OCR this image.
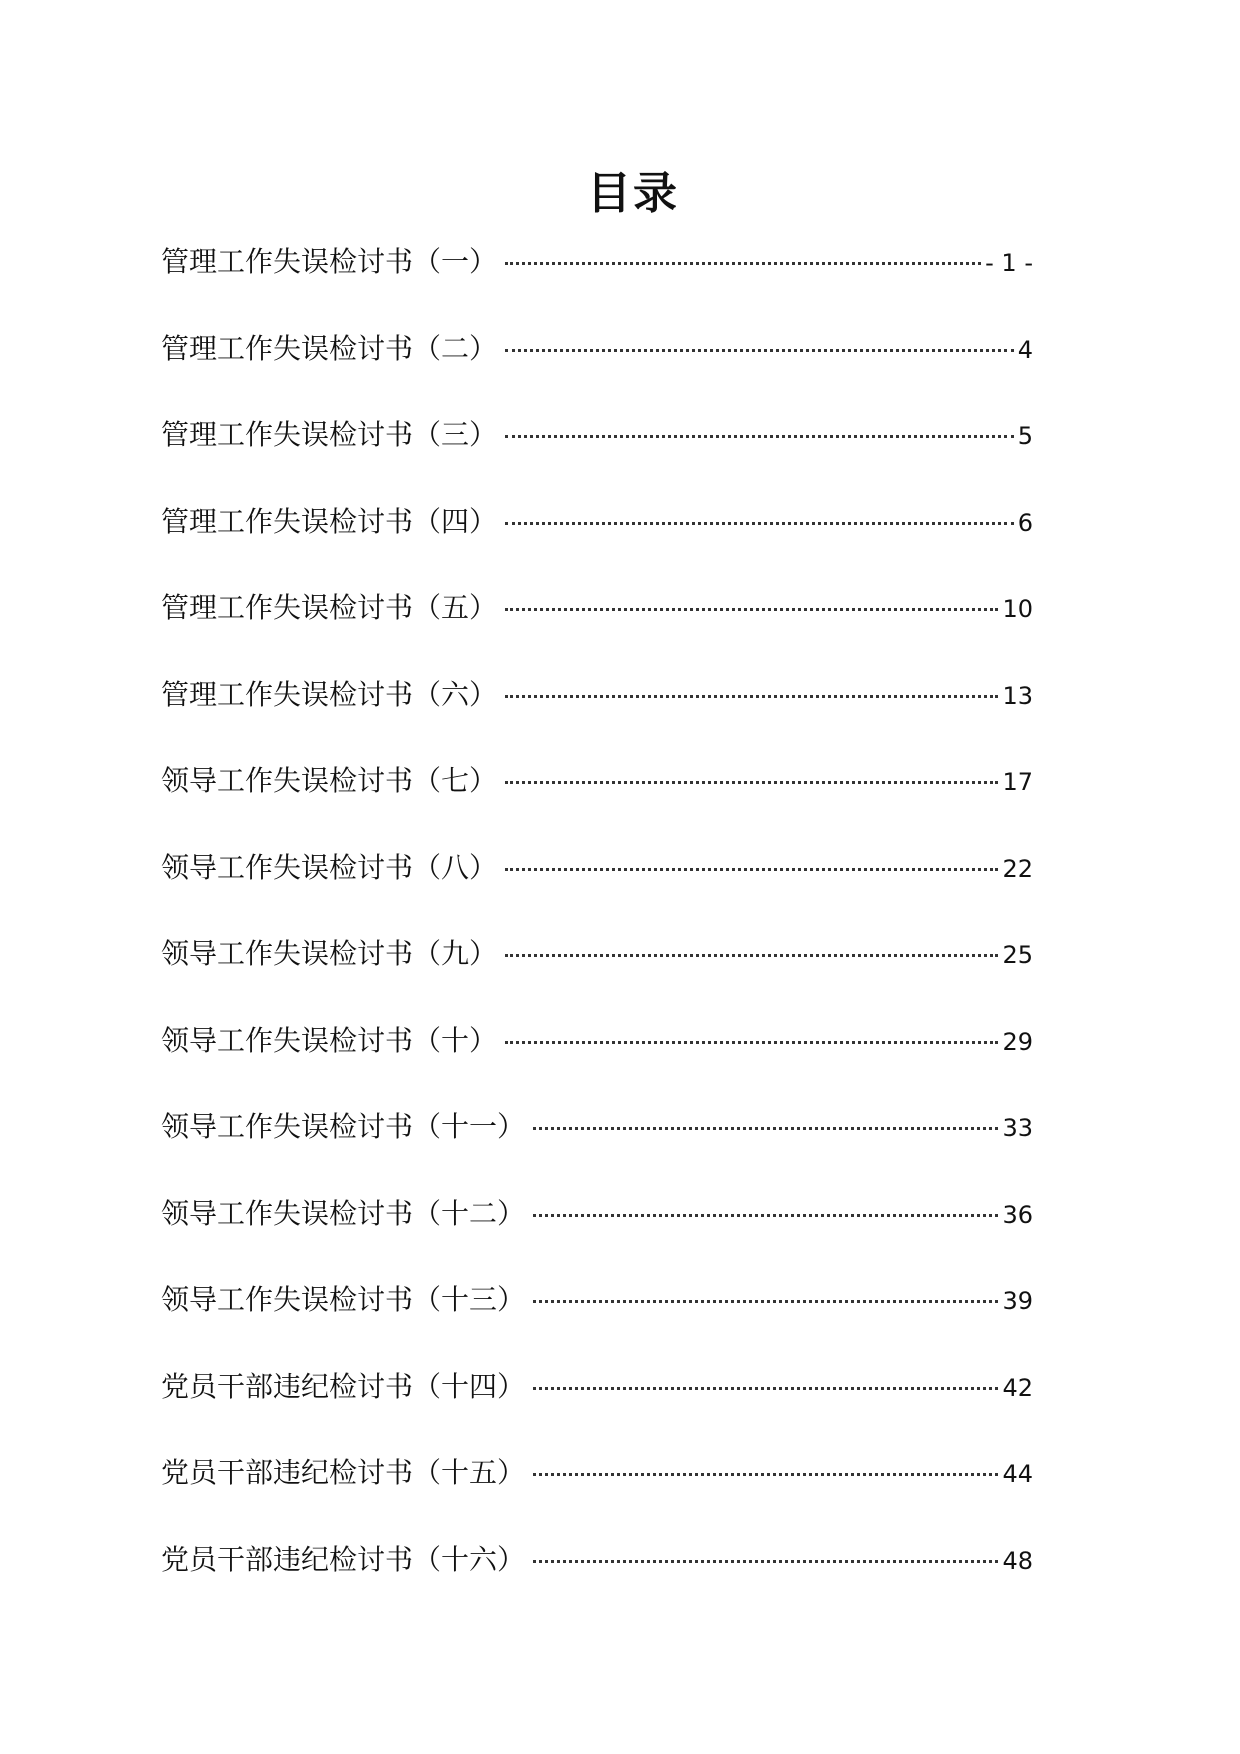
目录
管理工作失误检讨书（一）	- 1 -
管理工作失误检讨书（二）	4
管理工作失误检讨书（三）	5
管理工作失误检讨书（四）	6
管理工作失误检讨书（五）	10
管理工作失误检讨书（六）	13
领导工作失误检讨书（七）	17
领导工作失误检讨书（八）	22
领导工作失误检讨书（九）	25
领导工作失误检讨书（十）	29
领导工作失误检讨书（十一）	33
领导工作失误检讨书（十二）	36
领导工作失误检讨书（十三）	39
党员干部违纪检讨书（十四）	42
党员干部违纪检讨书（十五）	44
党员干部违纪检讨书（十六）	48
